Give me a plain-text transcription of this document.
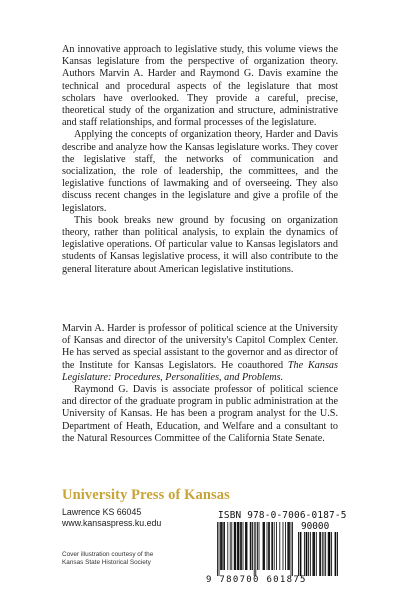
An innovative approach to legislative study, this volume views the Kansas legislature from the perspective of organization theory. Authors Marvin A. Harder and Raymond G. Davis examine the technical and procedural aspects of the legislature that most scholars have overlooked. They provide a careful, precise, theoretical study of the organization and structure, administrative and staff relationships, and formal processes of the legislature.

Applying the concepts of organization theory, Harder and Davis describe and analyze how the Kansas legislature works. They cover the legislative staff, the networks of communication and socialization, the role of leadership, the committees, and the legislative functions of lawmaking and of overseeing. They also discuss recent changes in the legislature and give a profile of the legislators.

This book breaks new ground by focusing on organization theory, rather than political analysis, to explain the dynamics of legislative operations. Of particular value to Kansas legislators and students of Kansas legislative process, it will also contribute to the general literature about American legislative institutions.

Marvin A. Harder is professor of political science at the University of Kansas and director of the university's Capitol Complex Center. He has served as special assistant to the governor and as director of the Institute for Kansas Legislators. He coauthored The Kansas Legislature: Procedures, Personalities, and Problems.

Raymond G. Davis is associate professor of political science and director of the graduate program in public administration at the University of Kansas. He has been a program analyst for the U.S. Department of Heath, Education, and Welfare and a consultant to the Natural Resources Committee of the California State Senate.

University Press of Kansas
Lawrence KS 66045
www.kansaspress.ku.edu
Cover illustration courtesy of the
Kansas State Historical Society
ISBN 978-0-7006-0187-5
90000
9 780700 601875
